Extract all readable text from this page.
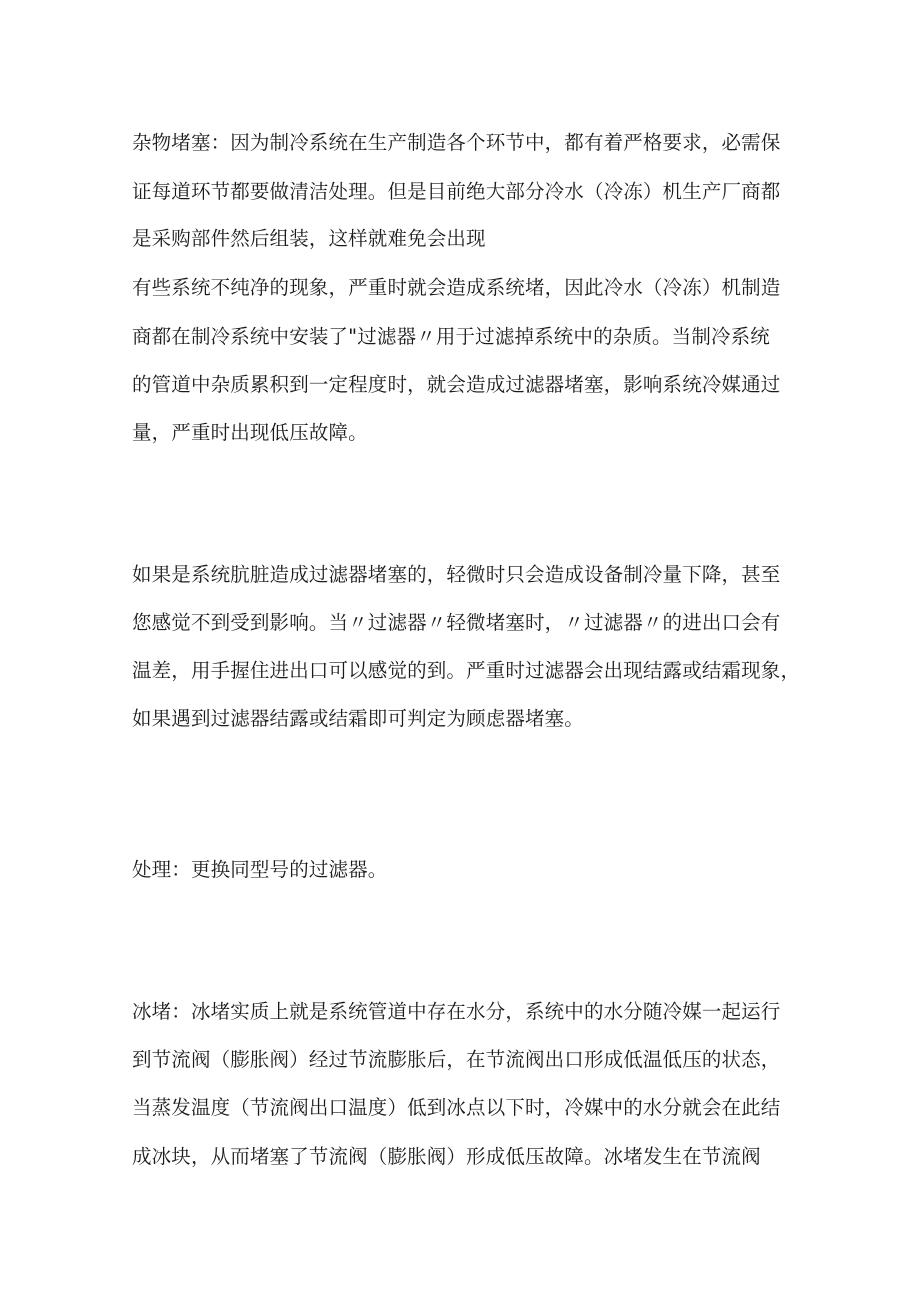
杂物堵塞：因为制冷系统在生产制造各个环节中，都有着严格要求，必需保
证每道环节都要做清洁处理。但是目前绝大部分冷水（冷冻）机生产厂商都
是采购部件然后组装，这样就难免会出现
有些系统不纯净的现象，严重时就会造成系统堵，因此冷水（冷冻）机制造
商都在制冷系统中安装了"过滤器〃用于过滤掉系统中的杂质。当制冷系统
的管道中杂质累积到一定程度时，就会造成过滤器堵塞，影响系统冷媒通过
量，严重时出现低压故障。
如果是系统肮脏造成过滤器堵塞的，轻微时只会造成设备制冷量下降，甚至
您感觉不到受到影响。当〃过滤器〃轻微堵塞时，〃过滤器〃的进出口会有
温差，用手握住进出口可以感觉的到。严重时过滤器会出现结露或结霜现象，
如果遇到过滤器结露或结霜即可判定为顾虑器堵塞。
处理：更换同型号的过滤器。
冰堵：冰堵实质上就是系统管道中存在水分，系统中的水分随冷媒一起运行
到节流阀（膨胀阀）经过节流膨胀后，在节流阀出口形成低温低压的状态，
当蒸发温度（节流阀出口温度）低到冰点以下时，冷媒中的水分就会在此结
成冰块，从而堵塞了节流阀（膨胀阀）形成低压故障。冰堵发生在节流阀
